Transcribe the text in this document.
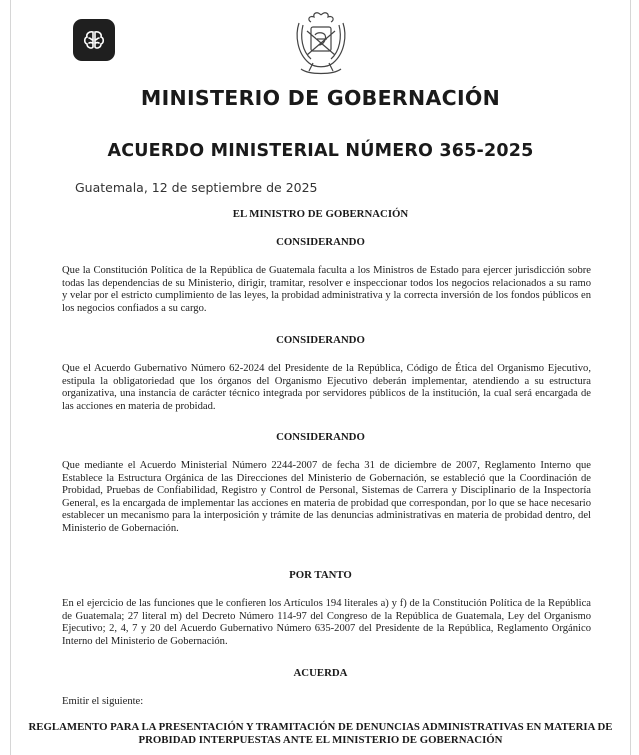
MINISTERIO DE GOBERNACIÓN
ACUERDO MINISTERIAL NÚMERO 365-2025
Guatemala, 12 de septiembre de 2025
EL MINISTRO DE GOBERNACIÓN
CONSIDERANDO
Que la Constitución Política de la República de Guatemala faculta a los Ministros de Estado para ejercer jurisdicción sobre todas las dependencias de su Ministerio, dirigir, tramitar, resolver e inspeccionar todos los negocios relacionados a su ramo y velar por el estricto cumplimiento de las leyes, la probidad administrativa y la correcta inversión de los fondos públicos en los negocios confiados a su cargo.
CONSIDERANDO
Que el Acuerdo Gubernativo Número 62-2024 del Presidente de la República, Código de Ética del Organismo Ejecutivo, estipula la obligatoriedad que los órganos del Organismo Ejecutivo deberán implementar, atendiendo a su estructura organizativa, una instancia de carácter técnico integrada por servidores públicos de la institución, la cual será encargada de las acciones en materia de probidad.
CONSIDERANDO
Que mediante el Acuerdo Ministerial Número 2244-2007 de fecha 31 de diciembre de 2007, Reglamento Interno que Establece la Estructura Orgánica de las Direcciones del Ministerio de Gobernación, se estableció que la Coordinación de Probidad, Pruebas de Confiabilidad, Registro y Control de Personal, Sistemas de Carrera y Disciplinario de la Inspectoría General, es la encargada de implementar las acciones en materia de probidad que correspondan, por lo que se hace necesario establecer un mecanismo para la interposición y trámite de las denuncias administrativas en materia de probidad dentro, del Ministerio de Gobernación.
POR TANTO
En el ejercicio de las funciones que le confieren los Artículos 194 literales a) y f) de la Constitución Política de la República de Guatemala; 27 literal m) del Decreto Número 114-97 del Congreso de la República de Guatemala, Ley del Organismo Ejecutivo; 2, 4, 7 y 20 del Acuerdo Gubernativo Número 635-2007 del Presidente de la República, Reglamento Orgánico Interno del Ministerio de Gobernación.
ACUERDA
Emitir el siguiente:
REGLAMENTO PARA LA PRESENTACIÓN Y TRAMITACIÓN DE DENUNCIAS ADMINISTRATIVAS EN MATERIA DE PROBIDAD INTERPUESTAS ANTE EL MINISTERIO DE GOBERNACIÓN
